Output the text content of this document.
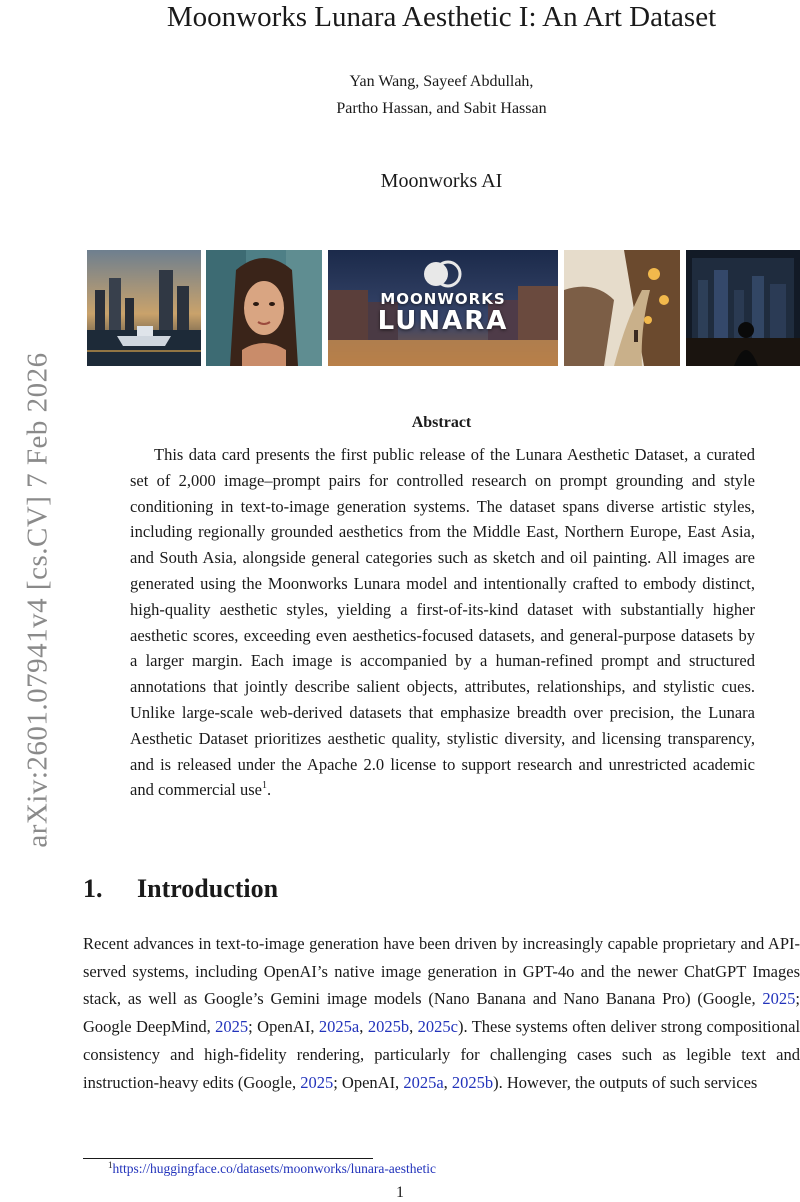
arXiv:2601.07941v4 [cs.CV] 7 Feb 2026
Moonworks Lunara Aesthetic I: An Art Dataset
Yan Wang, Sayeef Abdullah,
Partho Hassan, and Sabit Hassan
Moonworks AI
MOONWORKS
LUNARA
Abstract
This data card presents the first public release of the Lunara Aesthetic Dataset, a curated set of 2,000 image–prompt pairs for controlled research on prompt grounding and style conditioning in text-to-image generation systems. The dataset spans diverse artistic styles, including regionally grounded aesthetics from the Middle East, Northern Europe, East Asia, and South Asia, alongside general categories such as sketch and oil painting. All images are generated using the Moonworks Lunara model and intentionally crafted to embody distinct, high-quality aesthetic styles, yielding a first-of-its-kind dataset with substantially higher aesthetic scores, exceeding even aesthetics-focused datasets, and general-purpose datasets by a larger margin. Each image is accompanied by a human-refined prompt and structured annotations that jointly describe salient objects, attributes, relationships, and stylistic cues. Unlike large-scale web-derived datasets that emphasize breadth over precision, the Lunara Aesthetic Dataset prioritizes aesthetic quality, stylistic diversity, and licensing transparency, and is released under the Apache 2.0 license to support research and unrestricted academic and commercial use$^1$.
1. Introduction
Recent advances in text-to-image generation have been driven by increasingly capable proprietary and API-served systems, including OpenAI’s native image generation in GPT-4o and the newer ChatGPT Images stack, as well as Google’s Gemini image models (Nano Banana and Nano Banana Pro) (Google, 2025; Google DeepMind, 2025; OpenAI, 2025a, 2025b, 2025c). These systems often deliver strong compositional consistency and high-fidelity rendering, particularly for challenging cases such as legible text and instruction-heavy edits (Google, 2025; OpenAI, 2025a, 2025b). However, the outputs of such services
$^1$https://huggingface.co/datasets/moonworks/lunara-aesthetic
1
